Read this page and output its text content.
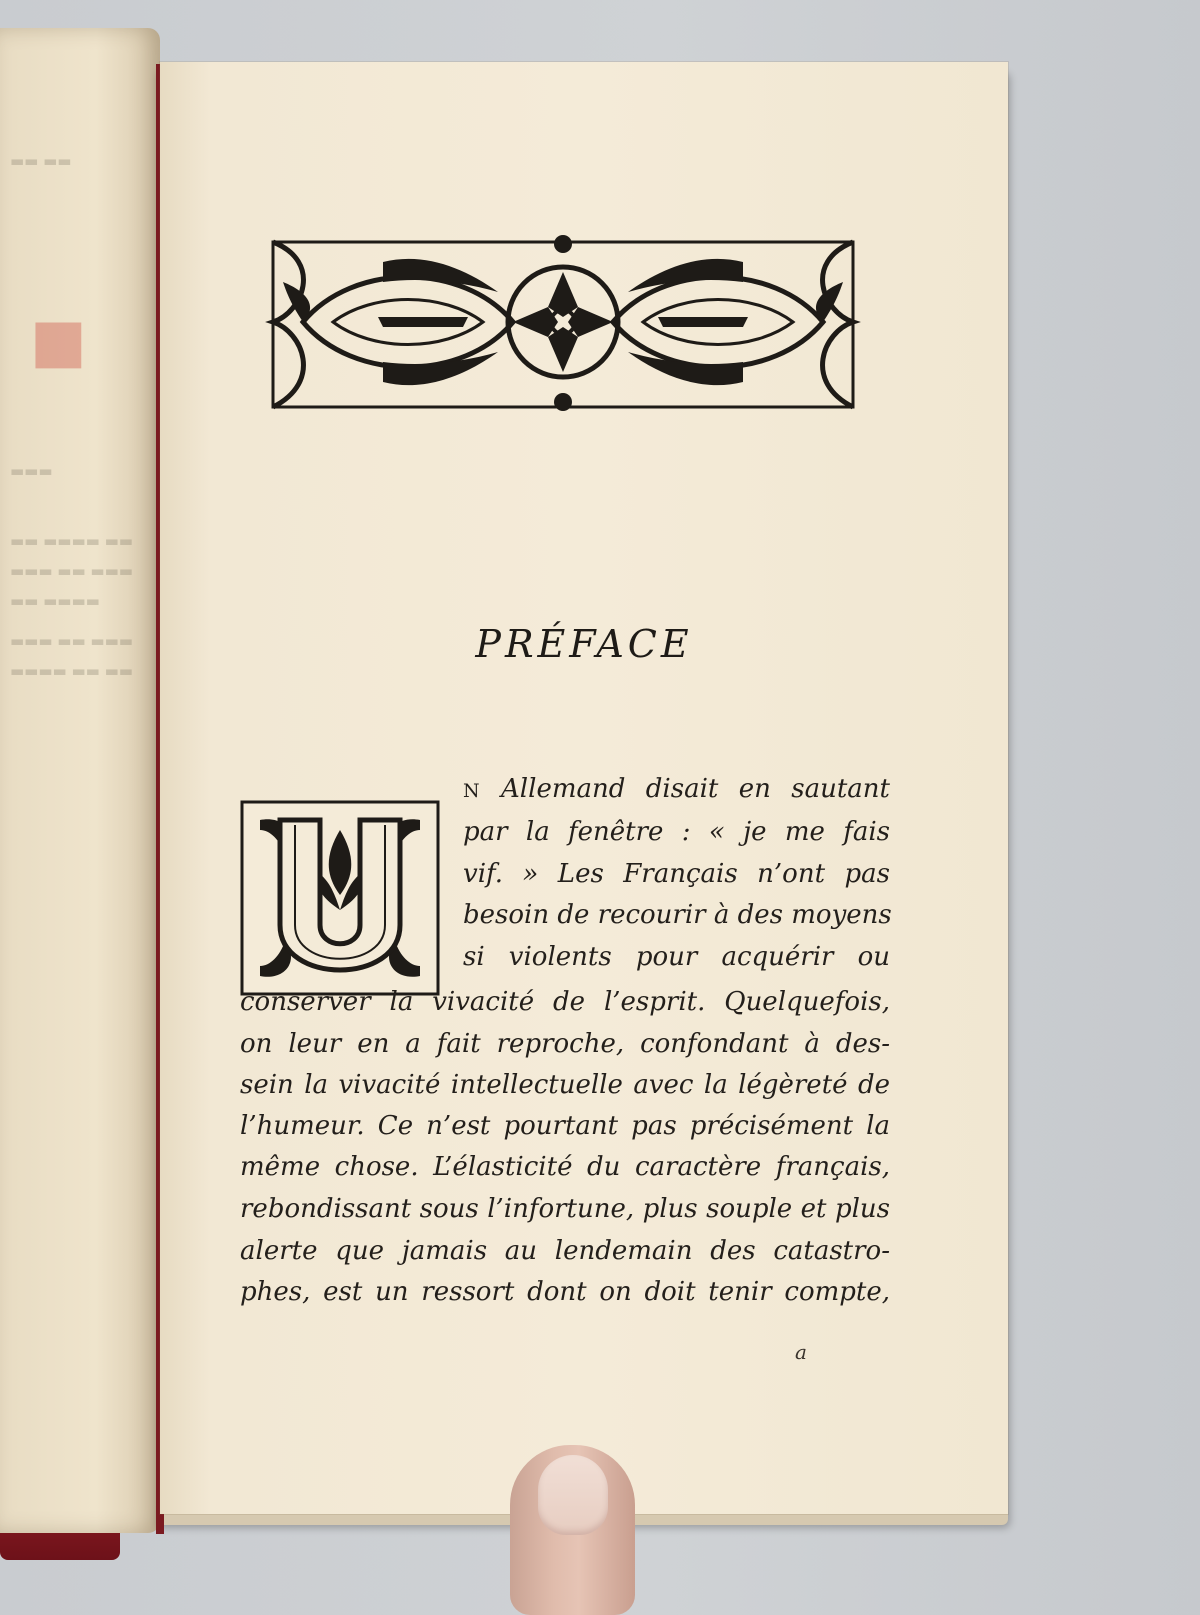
▬▬ ▬▬
■
▬▬▬
▬▬ ▬▬▬▬ ▬▬
▬▬▬ ▬▬ ▬▬▬
▬▬ ▬▬▬▬
▬▬▬ ▬▬ ▬▬▬
▬▬▬▬ ▬▬ ▬▬
PRÉFACE

N Allemand disait en sautant

par la fenêtre : « je me fais

vif. » Les Français n’ont pas

besoin de recourir à des moyens

si violents pour acquérir ou

conserver la vivacité de l’esprit. Quelquefois,

on leur en a fait reproche, confondant à des-

sein la vivacité intellectuelle avec la légèreté de

l’humeur. Ce n’est pourtant pas précisément la

même chose. L’élasticité du caractère français,

rebondissant sous l’infortune, plus souple et plus

alerte que jamais au lendemain des catastro-

phes, est un ressort dont on doit tenir compte,

a
